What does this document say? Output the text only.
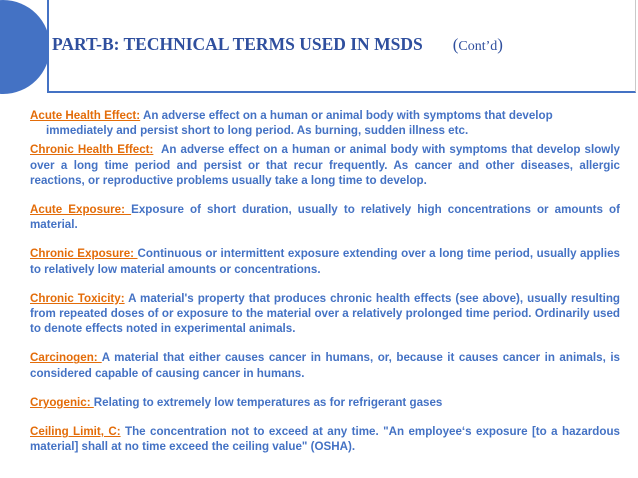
PART-B: TECHNICAL TERMS USED IN MSDS (Cont’d)
Acute Health Effect: An adverse effect on a human or animal body with symptoms that develop
immediately and persist short to long period. As burning, sudden illness etc.
Chronic Health Effect: An adverse effect on a human or animal body with symptoms that develop slowly over a long time period and persist or that recur frequently. As cancer and other diseases, allergic reactions, or reproductive problems usually take a long time to develop.
Acute Exposure: Exposure of short duration, usually to relatively high concentrations or amounts of material.
Chronic Exposure: Continuous or intermittent exposure extending over a long time period, usually applies to relatively low material amounts or concentrations.
Chronic Toxicity: A material's property that produces chronic health effects (see above), usually resulting from repeated doses of or exposure to the material over a relatively prolonged time period. Ordinarily used to denote effects noted in experimental animals.
Carcinogen: A material that either causes cancer in humans, or, because it causes cancer in animals, is considered capable of causing cancer in humans.
Cryogenic: Relating to extremely low temperatures as for refrigerant gases
Ceiling Limit, C: The concentration not to exceed at any time. "An employee‘s exposure [to a hazardous material] shall at no time exceed the ceiling value" (OSHA).
